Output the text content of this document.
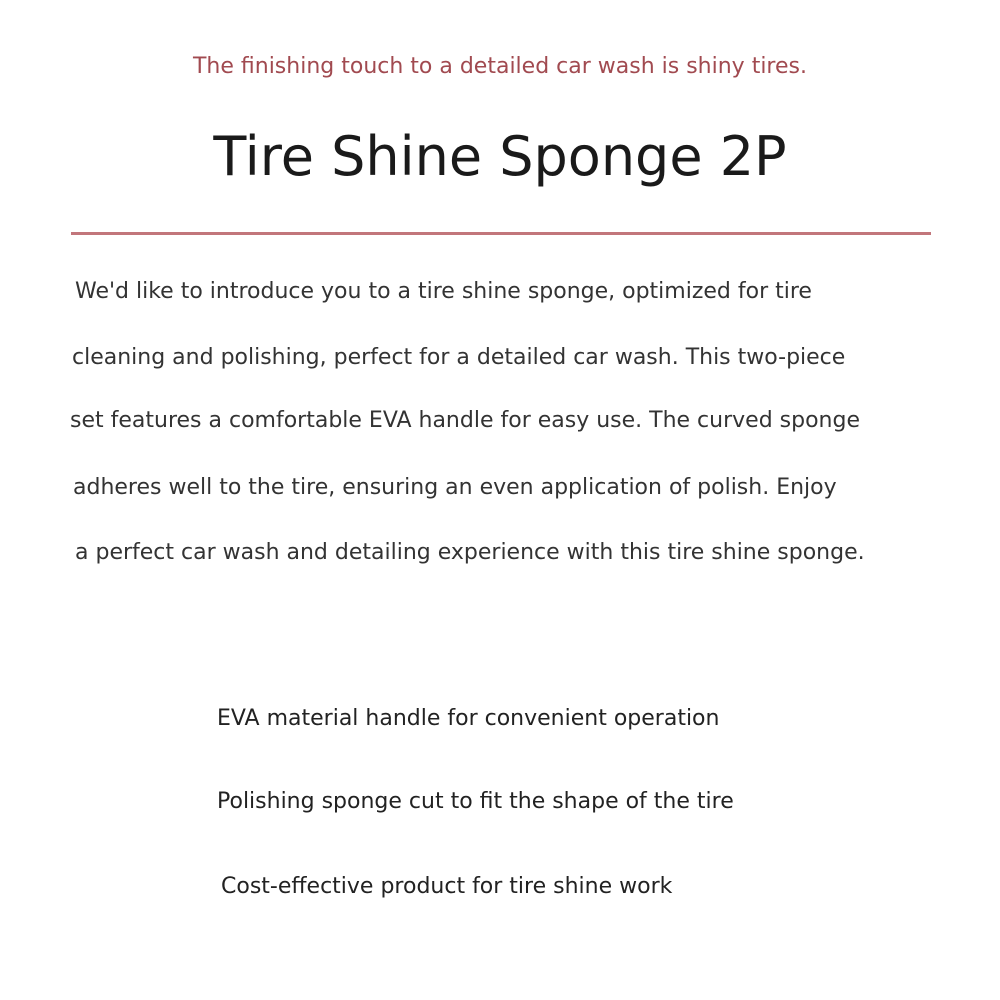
The finishing touch to a detailed car wash is shiny tires.
Tire Shine Sponge 2P
We'd like to introduce you to a tire shine sponge, optimized for tire
cleaning and polishing, perfect for a detailed car wash. This two-piece
set features a comfortable EVA handle for easy use. The curved sponge
adheres well to the tire, ensuring an even application of polish. Enjoy
a perfect car wash and detailing experience with this tire shine sponge.
EVA material handle for convenient operation
Polishing sponge cut to fit the shape of the tire
Cost-effective product for tire shine work
